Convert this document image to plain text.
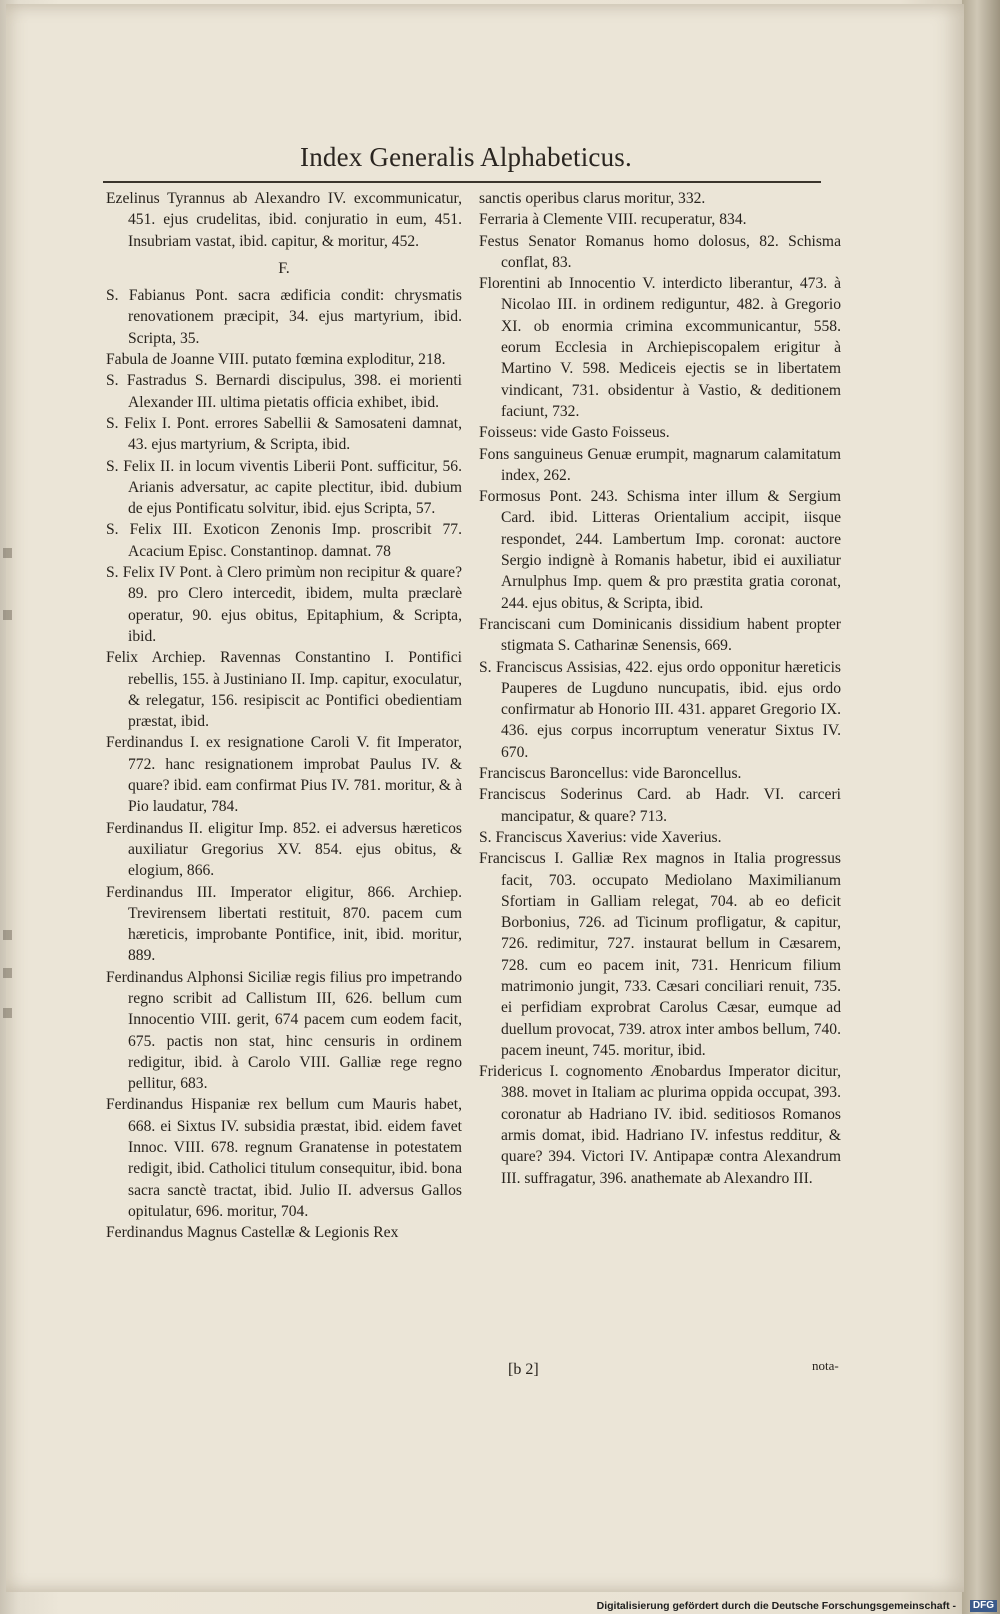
Index Generalis Alphabeticus.

Ezelinus Tyrannus ab Alexandro IV. excommunicatur, 451. ejus crudelitas, ibid. conjuratio in eum, 451. Insubriam vastat, ibid. capitur, & moritur, 452.

F.

S. Fabianus Pont. sacra ædificia condit: chrysmatis renovationem præcipit, 34. ejus martyrium, ibid. Scripta, 35.

Fabula de Joanne VIII. putato fœmina exploditur, 218.

S. Fastradus S. Bernardi discipulus, 398. ei morienti Alexander III. ultima pietatis officia exhibet, ibid.

S. Felix I. Pont. errores Sabellii & Samosateni damnat, 43. ejus martyrium, & Scripta, ibid.

S. Felix II. in locum viventis Liberii Pont. sufficitur, 56. Arianis adversatur, ac capite plectitur, ibid. dubium de ejus Pontificatu solvitur, ibid. ejus Scripta, 57.

S. Felix III. Exoticon Zenonis Imp. proscribit 77. Acacium Episc. Constantinop. damnat. 78

S. Felix IV Pont. à Clero primùm non recipitur & quare? 89. pro Clero intercedit, ibidem, multa præclarè operatur, 90. ejus obitus, Epitaphium, & Scripta, ibid.

Felix Archiep. Ravennas Constantino I. Pontifici rebellis, 155. à Justiniano II. Imp. capitur, exoculatur, & relegatur, 156. resipiscit ac Pontifici obedientiam præstat, ibid.

Ferdinandus I. ex resignatione Caroli V. fit Imperator, 772. hanc resignationem improbat Paulus IV. & quare? ibid. eam confirmat Pius IV. 781. moritur, & à Pio laudatur, 784.

Ferdinandus II. eligitur Imp. 852. ei adversus hæreticos auxiliatur Gregorius XV. 854. ejus obitus, & elogium, 866.

Ferdinandus III. Imperator eligitur, 866. Archiep. Trevirensem libertati restituit, 870. pacem cum hæreticis, improbante Pontifice, init, ibid. moritur, 889.

Ferdinandus Alphonsi Siciliæ regis filius pro impetrando regno scribit ad Callistum III, 626. bellum cum Innocentio VIII. gerit, 674 pacem cum eodem facit, 675. pactis non stat, hinc censuris in ordinem redigitur, ibid. à Carolo VIII. Galliæ rege regno pellitur, 683.

Ferdinandus Hispaniæ rex bellum cum Mauris habet, 668. ei Sixtus IV. subsidia præstat, ibid. eidem favet Innoc. VIII. 678. regnum Granatense in potestatem redigit, ibid. Catholici titulum consequitur, ibid. bona sacra sanctè tractat, ibid. Julio II. adversus Gallos opitulatur, 696. moritur, 704.

Ferdinandus Magnus Castellæ & Legionis Rex

sanctis operibus clarus moritur, 332.

Ferraria à Clemente VIII. recuperatur, 834.

Festus Senator Romanus homo dolosus, 82. Schisma conflat, 83.

Florentini ab Innocentio V. interdicto liberantur, 473. à Nicolao III. in ordinem rediguntur, 482. à Gregorio XI. ob enormia crimina excommunicantur, 558. eorum Ecclesia in Archiepiscopalem erigitur à Martino V. 598. Mediceis ejectis se in libertatem vindicant, 731. obsidentur à Vastio, & deditionem faciunt, 732.

Foisseus: vide Gasto Foisseus.

Fons sanguineus Genuæ erumpit, magnarum calamitatum index, 262.

Formosus Pont. 243. Schisma inter illum & Sergium Card. ibid. Litteras Orientalium accipit, iisque respondet, 244. Lambertum Imp. coronat: auctore Sergio indignè à Romanis habetur, ibid ei auxiliatur Arnulphus Imp. quem & pro præstita gratia coronat, 244. ejus obitus, & Scripta, ibid.

Franciscani cum Dominicanis dissidium habent propter stigmata S. Catharinæ Senensis, 669.

S. Franciscus Assisias, 422. ejus ordo opponitur hæreticis Pauperes de Lugduno nuncupatis, ibid. ejus ordo confirmatur ab Honorio III. 431. apparet Gregorio IX. 436. ejus corpus incorruptum veneratur Sixtus IV. 670.

Franciscus Baroncellus: vide Baroncellus.

Franciscus Soderinus Card. ab Hadr. VI. carceri mancipatur, & quare? 713.

S. Franciscus Xaverius: vide Xaverius.

Franciscus I. Galliæ Rex magnos in Italia progressus facit, 703. occupato Mediolano Maximilianum Sfortiam in Galliam relegat, 704. ab eo deficit Borbonius, 726. ad Ticinum profligatur, & capitur, 726. redimitur, 727. instaurat bellum in Cæsarem, 728. cum eo pacem init, 731. Henricum filium matrimonio jungit, 733. Cæsari conciliari renuit, 735. ei perfidiam exprobrat Carolus Cæsar, eumque ad duellum provocat, 739. atrox inter ambos bellum, 740. pacem ineunt, 745. moritur, ibid.

Fridericus I. cognomento Ænobardus Imperator dicitur, 388. movet in Italiam ac plurima oppida occupat, 393. coronatur ab Hadriano IV. ibid. seditiosos Romanos armis domat, ibid. Hadriano IV. infestus redditur, & quare? 394. Victori IV. Antipapæ contra Alexandrum III. suffragatur, 396. anathemate ab Alexandro III.

[b 2]	nota-
Digitalisierung gefördert durch die Deutsche Forschungsgemeinschaft -	DFG
